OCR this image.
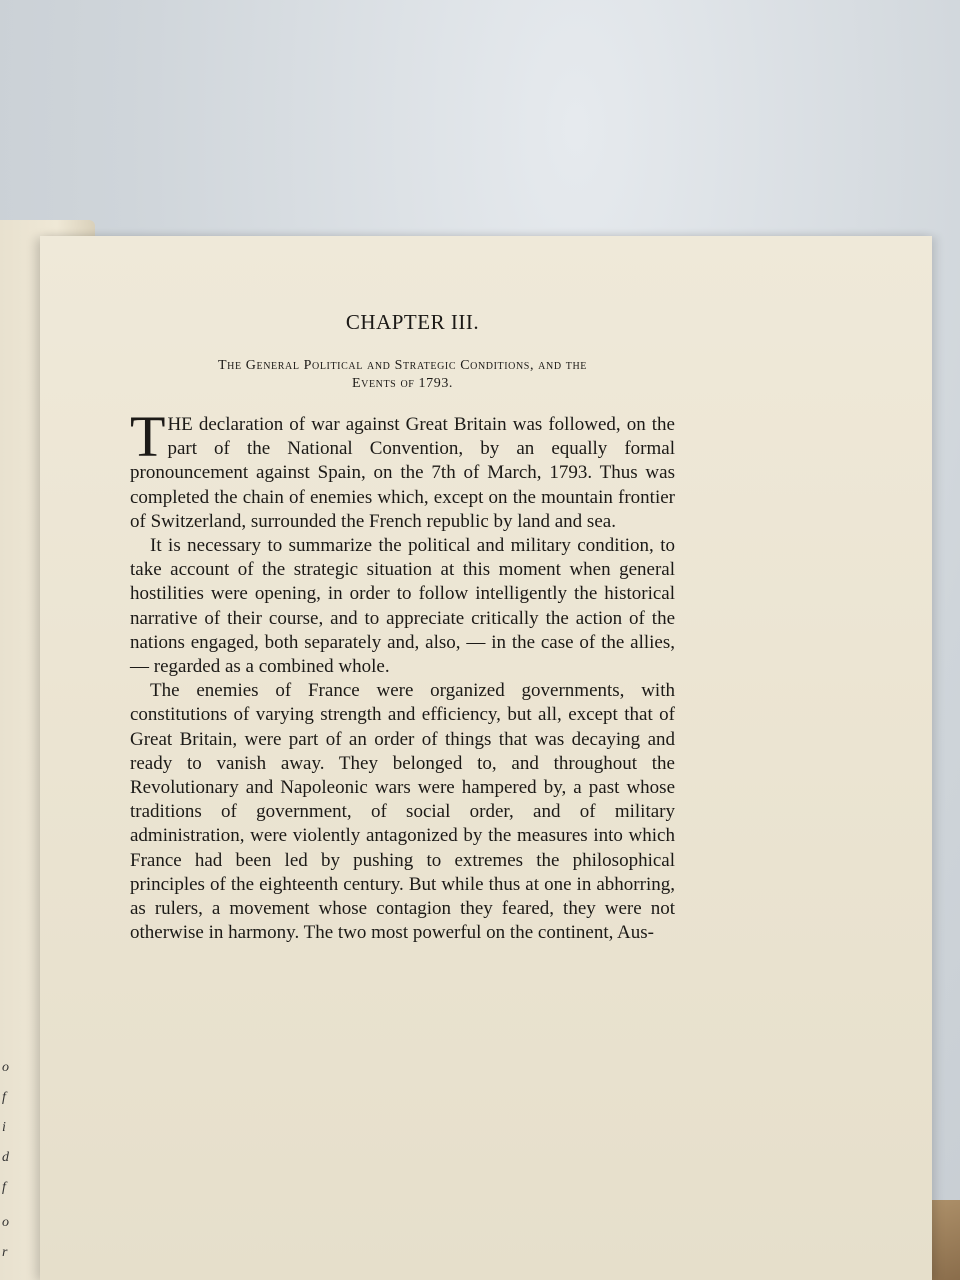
o
f
i
d
f
o
r
CHAPTER III.
The General Political and Strategic Conditions, and the
Events of 1793.

THE declaration of war against Great Britain was followed, on the part of the National Convention, by an equally formal pronouncement against Spain, on the 7th of March, 1793. Thus was completed the chain of enemies which, except on the mountain frontier of Switzerland, surrounded the French republic by land and sea.

It is necessary to summarize the political and military condition, to take account of the strategic situation at this moment when general hostilities were opening, in order to follow intelligently the historical narrative of their course, and to appreciate critically the action of the nations engaged, both separately and, also, — in the case of the allies, — regarded as a combined whole.

The enemies of France were organized governments, with constitutions of varying strength and efficiency, but all, except that of Great Britain, were part of an order of things that was decaying and ready to vanish away. They belonged to, and throughout the Revolutionary and Napoleonic wars were hampered by, a past whose traditions of government, of social order, and of military administration, were violently antagonized by the measures into which France had been led by pushing to extremes the philosophical principles of the eighteenth century. But while thus at one in abhorring, as rulers, a movement whose contagion they feared, they were not otherwise in harmony. The two most powerful on the continent, Aus-
